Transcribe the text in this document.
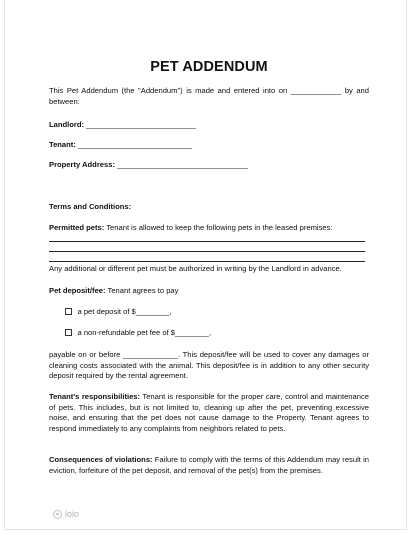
PET ADDENDUM
This Pet Addendum (the "Addendum") is made and entered into on ____________ by and between:
Landlord: __________________________
Tenant: ___________________________
Property Address: _______________________________
Terms and Conditions:
Permitted pets: Tenant is allowed to keep the following pets in the leased premises:
Any additional or different pet must be authorized in writing by the Landlord in advance.
Pet deposit/fee: Tenant agrees to pay
a pet deposit of $________,
a non-refundable pet fee of $________,
payable on or before _____________. This deposit/fee will be used to cover any damages or cleaning costs associated with the animal. This deposit/fee is in addition to any other security deposit required by the rental agreement.
Tenant's responsibilities: Tenant is responsible for the proper care, control and maintenance of pets. This includes, but is not limited to, cleaning up after the pet, preventing excessive noise, and ensuring that the pet does not cause damage to the Property. Tenant agrees to respond immediately to any complaints from neighbors related to pets.
Consequences of violations: Failure to comply with the terms of this Addendum may result in eviction, forfeiture of the pet deposit, and removal of the pet(s) from the premises.
loio
